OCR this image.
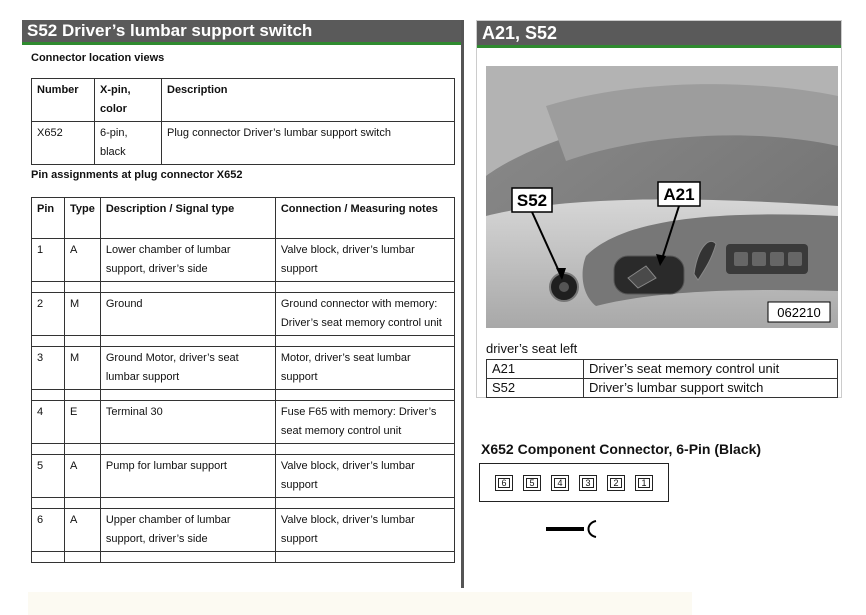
S52 Driver’s lumbar support switch
Connector location views
Number	X-pin, color	Description
X652	6-pin, black	Plug connector Driver’s lumbar support switch
Pin assignments at plug connector X652
Pin	Type	Description / Signal type	Connection / Measuring notes
1	A	Lower chamber of lumbar support, driver’s side	Valve block, driver’s lumbar support

2	M	Ground	Ground connector with memory: Driver’s seat memory control unit

3	M	Ground Motor, driver’s seat lumbar support	Motor, driver’s seat lumbar support

4	E	Terminal 30	Fuse F65 with memory: Driver’s seat memory control unit

5	A	Pump for lumbar support	Valve block, driver’s lumbar support

6	A	Upper chamber of lumbar support, driver’s side	Valve block, driver’s lumbar support

A21, S52
S52	A21
062210
driver’s seat left
A21	Driver’s seat memory control unit
S52	Driver’s lumbar support switch
X652 Component Connector, 6-Pin (Black)
6	5	4	3	2	1
